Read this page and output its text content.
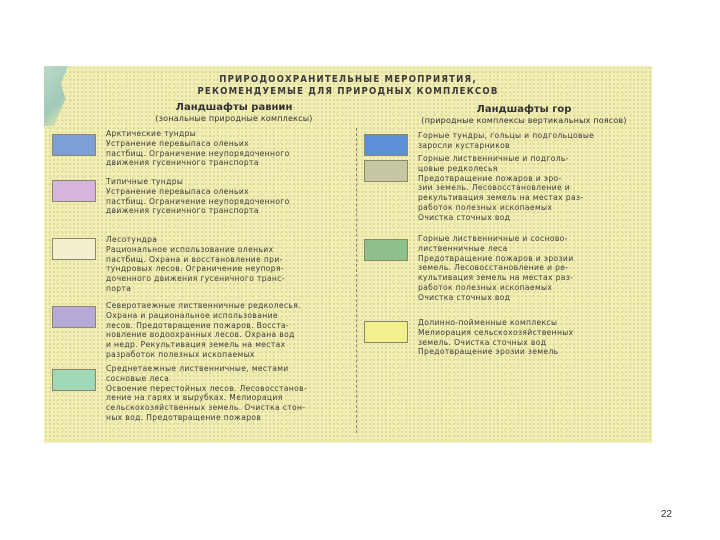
ПРИРОДООХРАНИТЕЛЬНЫЕ МЕРОПРИЯТИЯ,
РЕКОМЕНДУЕМЫЕ ДЛЯ ПРИРОДНЫХ КОМПЛЕКСОВ
Ландшафты равнин
(зональные природные комплексы)
Ландшафты гор
(природные комплексы вертикальных поясов)
Арктические тундры
Устранение перевыпаса оленьих
пастбищ. Ограничение неупорядоченного
движения гусеничного транспорта
Типичные тундры
Устранение перевыпаса оленьих
пастбищ. Ограничение неупорядоченного
движения гусеничного транспорта
Лесотундра
Рациональное использование оленьих
пастбищ. Охрана и восстановление при-
тундровых лесов. Ограничение неупоря-
доченного движения гусеничного транс-
порта
Северотаежные лиственничные редколесья.
Охрана и рациональное использование
лесов. Предотвращение пожаров. Восста-
новление водоохранных лесов. Охрана вод
и недр. Рекультивация земель на местах
разработок полезных ископаемых
Среднетаежные лиственничные, местами
сосновые леса
Освоение перестойных лесов. Лесовосстанов-
ление на гарях и вырубках. Мелиорация
сельскохозяйственных земель. Очистка стон-
ных вод. Предотвращение пожаров
Горные тундры, гольцы и подгольцовые
заросли кустарников
Горные лиственничные и подголь-
цовые редколесья
Предотвращение пожаров и эро-
зии земель. Лесовосстановление и
рекультивация земель на местах раз-
работок полезных ископаемых
Очистка сточных вод
Горные лиственничные и сосново-
лиственничные леса
Предотвращение пожаров и эрозии
земель. Лесовосстановление и ре-
культивация земель на местах раз-
работок полезных ископаемых
Очистка сточных вод
Долинно-пойменные комплексы
Мелиорация сельскохозяйственных
земель. Очистка сточных вод
Предотвращение эрозии земель
22
